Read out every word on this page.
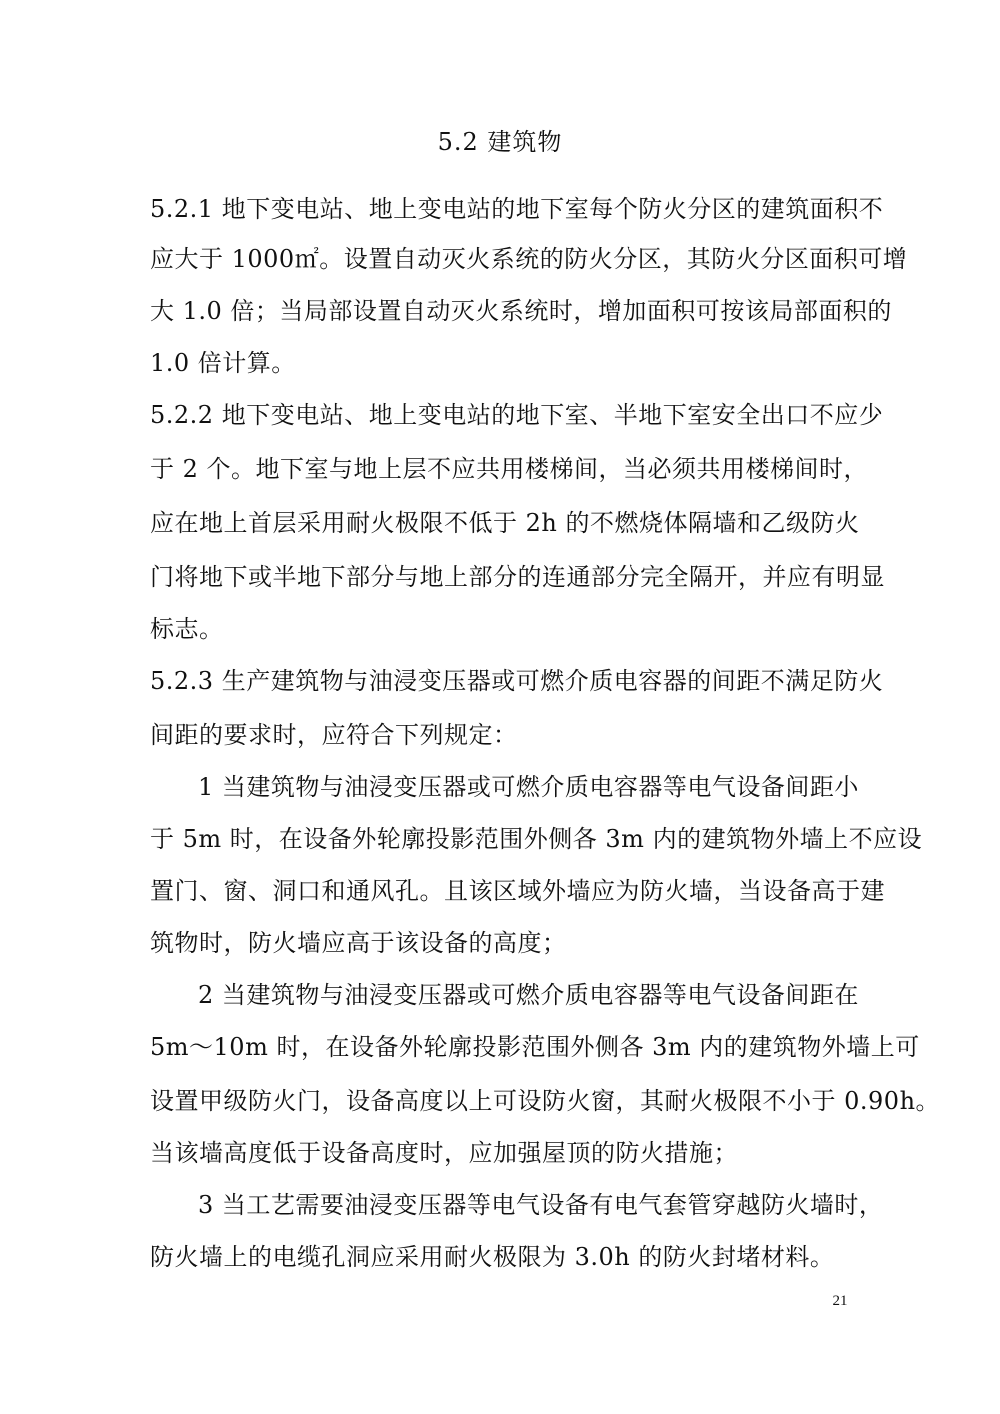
5.2 建筑物
5.2.1 地下变电站、地上变电站的地下室每个防火分区的建筑面积不
应大于 1000㎡。设置自动灭火系统的防火分区，其防火分区面积可增
大 1.0 倍；当局部设置自动灭火系统时，增加面积可按该局部面积的
1.0 倍计算。
5.2.2 地下变电站、地上变电站的地下室、半地下室安全出口不应少
于 2 个。地下室与地上层不应共用楼梯间，当必须共用楼梯间时，
应在地上首层采用耐火极限不低于 2h 的不燃烧体隔墙和乙级防火
门将地下或半地下部分与地上部分的连通部分完全隔开，并应有明显
标志。
5.2.3 生产建筑物与油浸变压器或可燃介质电容器的间距不满足防火
间距的要求时，应符合下列规定：
1 当建筑物与油浸变压器或可燃介质电容器等电气设备间距小
于 5m 时，在设备外轮廓投影范围外侧各 3m 内的建筑物外墙上不应设
置门、窗、洞口和通风孔。且该区域外墙应为防火墙，当设备高于建
筑物时，防火墙应高于该设备的高度；
2 当建筑物与油浸变压器或可燃介质电容器等电气设备间距在
5m～10m 时，在设备外轮廓投影范围外侧各 3m 内的建筑物外墙上可
设置甲级防火门，设备高度以上可设防火窗，其耐火极限不小于 0.90h。
当该墙高度低于设备高度时，应加强屋顶的防火措施；
3 当工艺需要油浸变压器等电气设备有电气套管穿越防火墙时，
防火墙上的电缆孔洞应采用耐火极限为 3.0h 的防火封堵材料。
21
